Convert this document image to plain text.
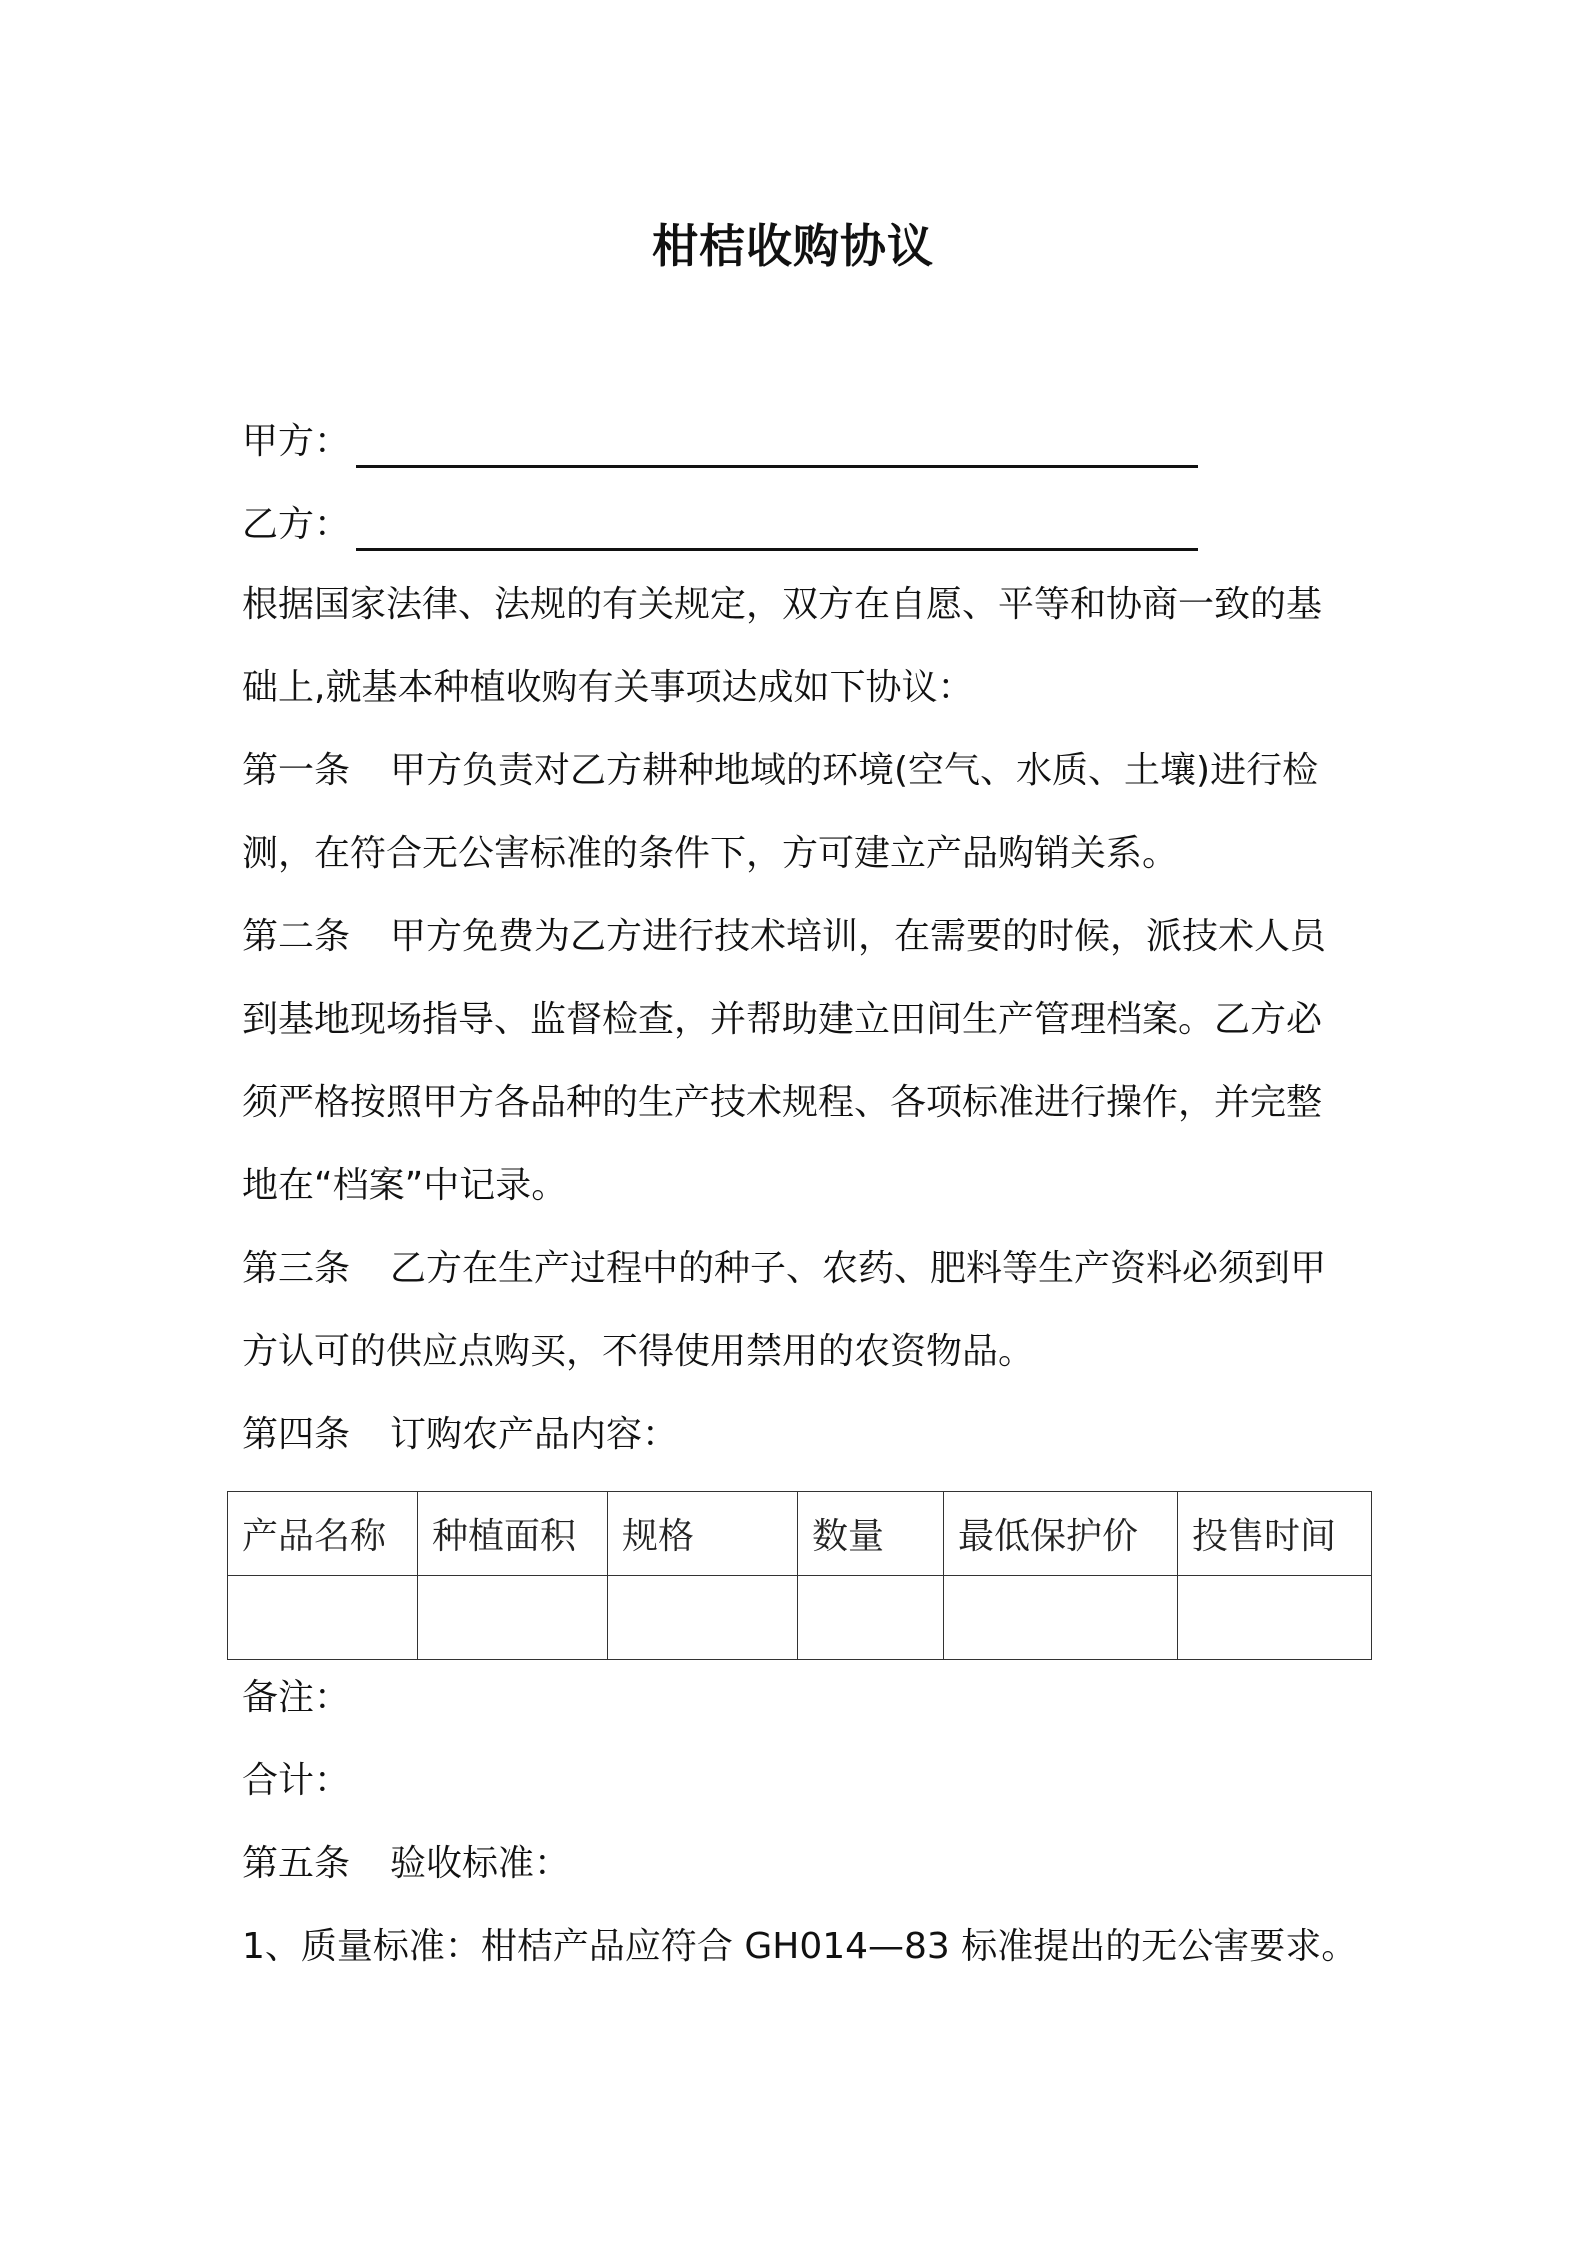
柑桔收购协议
甲方：
乙方：
根据国家法律、法规的有关规定，双方在自愿、平等和协商一致的基
础上,就基本种植收购有关事项达成如下协议：
第一条 甲方负责对乙方耕种地域的环境(空气、水质、土壤)进行检
测，在符合无公害标准的条件下，方可建立产品购销关系。
第二条 甲方免费为乙方进行技术培训，在需要的时候，派技术人员
到基地现场指导、监督检查，并帮助建立田间生产管理档案。乙方必
须严格按照甲方各品种的生产技术规程、各项标准进行操作，并完整
地在“档案”中记录。
第三条 乙方在生产过程中的种子、农药、肥料等生产资料必须到甲
方认可的供应点购买，不得使用禁用的农资物品。
第四条 订购农产品内容：
产品名称	种植面积	规格	数量	最低保护价	投售时间

备注：
合计：
第五条 验收标准：
1、质量标准：柑桔产品应符合 GH014—83 标准提出的无公害要求。
